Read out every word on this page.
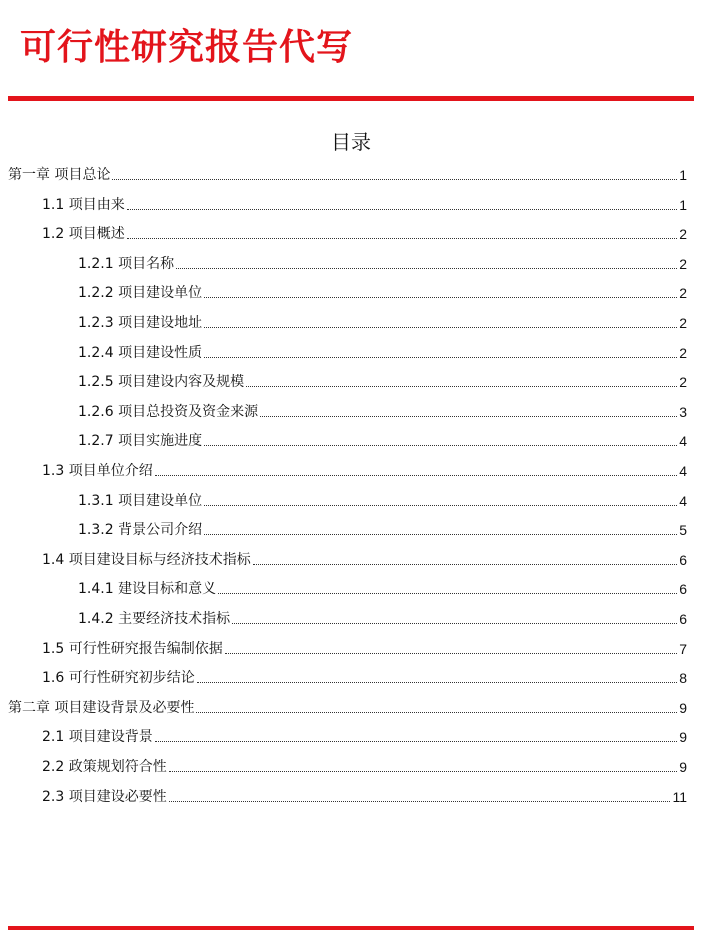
可行性研究报告代写
目录
第一章 项目总论	1
1.1 项目由来	1
1.2 项目概述	2
1.2.1 项目名称	2
1.2.2 项目建设单位	2
1.2.3 项目建设地址	2
1.2.4 项目建设性质	2
1.2.5 项目建设内容及规模	2
1.2.6 项目总投资及资金来源	3
1.2.7 项目实施进度	4
1.3 项目单位介绍	4
1.3.1 项目建设单位	4
1.3.2 背景公司介绍	5
1.4 项目建设目标与经济技术指标	6
1.4.1 建设目标和意义	6
1.4.2 主要经济技术指标	6
1.5 可行性研究报告编制依据	7
1.6 可行性研究初步结论	8
第二章 项目建设背景及必要性	9
2.1 项目建设背景	9
2.2 政策规划符合性	9
2.3 项目建设必要性	11
